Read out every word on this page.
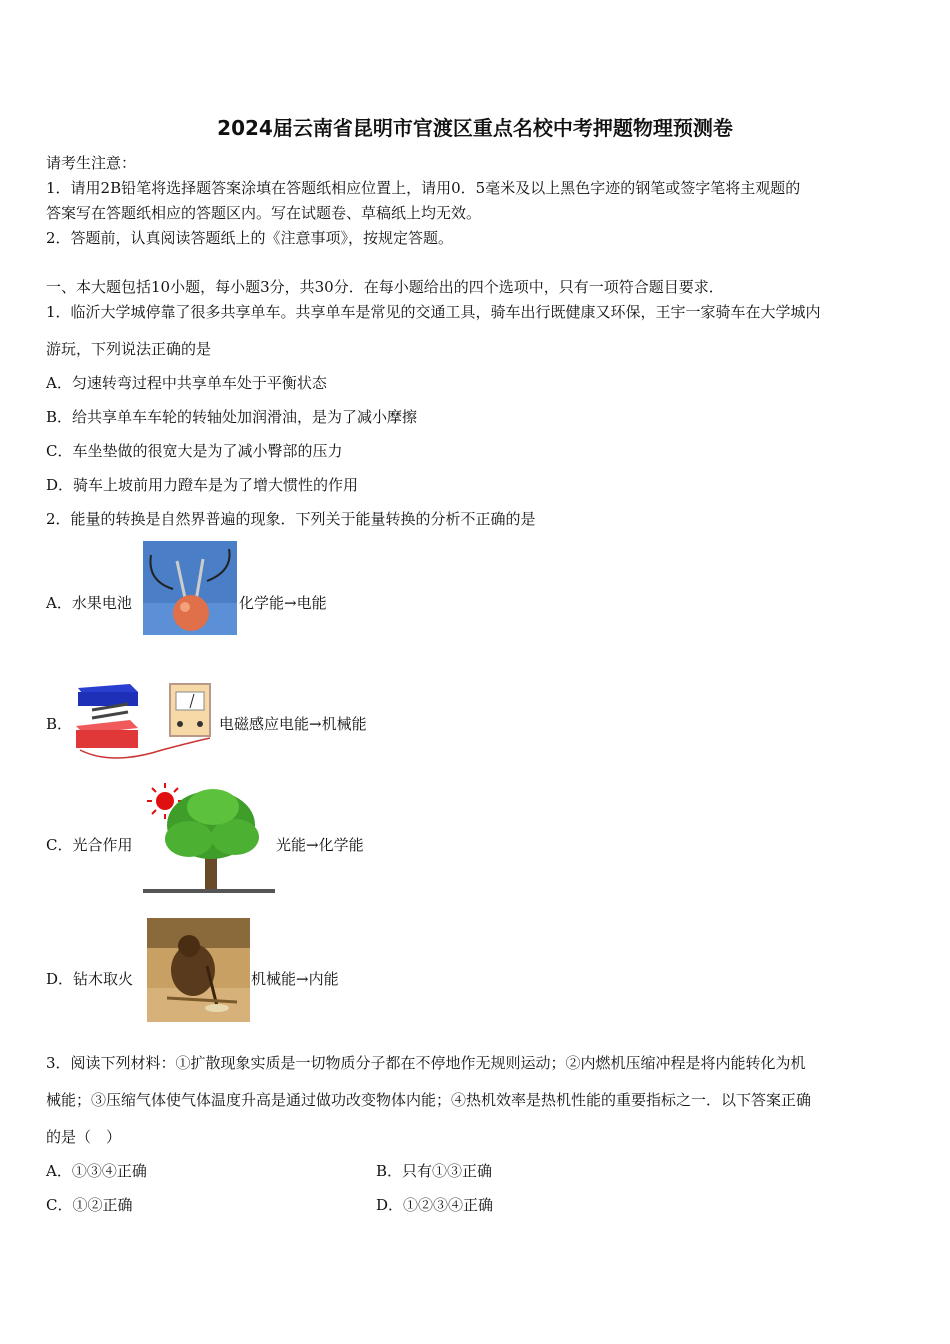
2024届云南省昆明市官渡区重点名校中考押题物理预测卷
请考生注意：
1．请用2B铅笔将选择题答案涂填在答题纸相应位置上，请用0．5毫米及以上黑色字迹的钢笔或签字笔将主观题的
答案写在答题纸相应的答题区内。写在试题卷、草稿纸上均无效。
2．答题前，认真阅读答题纸上的《注意事项》，按规定答题。
一、本大题包括10小题，每小题3分，共30分．在每小题给出的四个选项中，只有一项符合题目要求．
1．临沂大学城停靠了很多共享单车。共享单车是常见的交通工具，骑车出行既健康又环保，王宇一家骑车在大学城内
游玩，下列说法正确的是
A．匀速转弯过程中共享单车处于平衡状态
B．给共享单车车轮的转轴处加润滑油，是为了减小摩擦
C．车坐垫做的很宽大是为了减小臀部的压力
D．骑车上坡前用力蹬车是为了增大惯性的作用
2．能量的转换是自然界普遍的现象．下列关于能量转换的分析不正确的是
A．水果电池	化学能→电能
B．	电磁感应电能→机械能
C．光合作用	光能→化学能
D．钻木取火	机械能→内能
3．阅读下列材料：①扩散现象实质是一切物质分子都在不停地作无规则运动；②内燃机压缩冲程是将内能转化为机
械能；③压缩气体使气体温度升高是通过做功改变物体内能；④热机效率是热机性能的重要指标之一．以下答案正确
的是（　）
A．①③④正确	B．只有①③正确
C．①②正确	D．①②③④正确
